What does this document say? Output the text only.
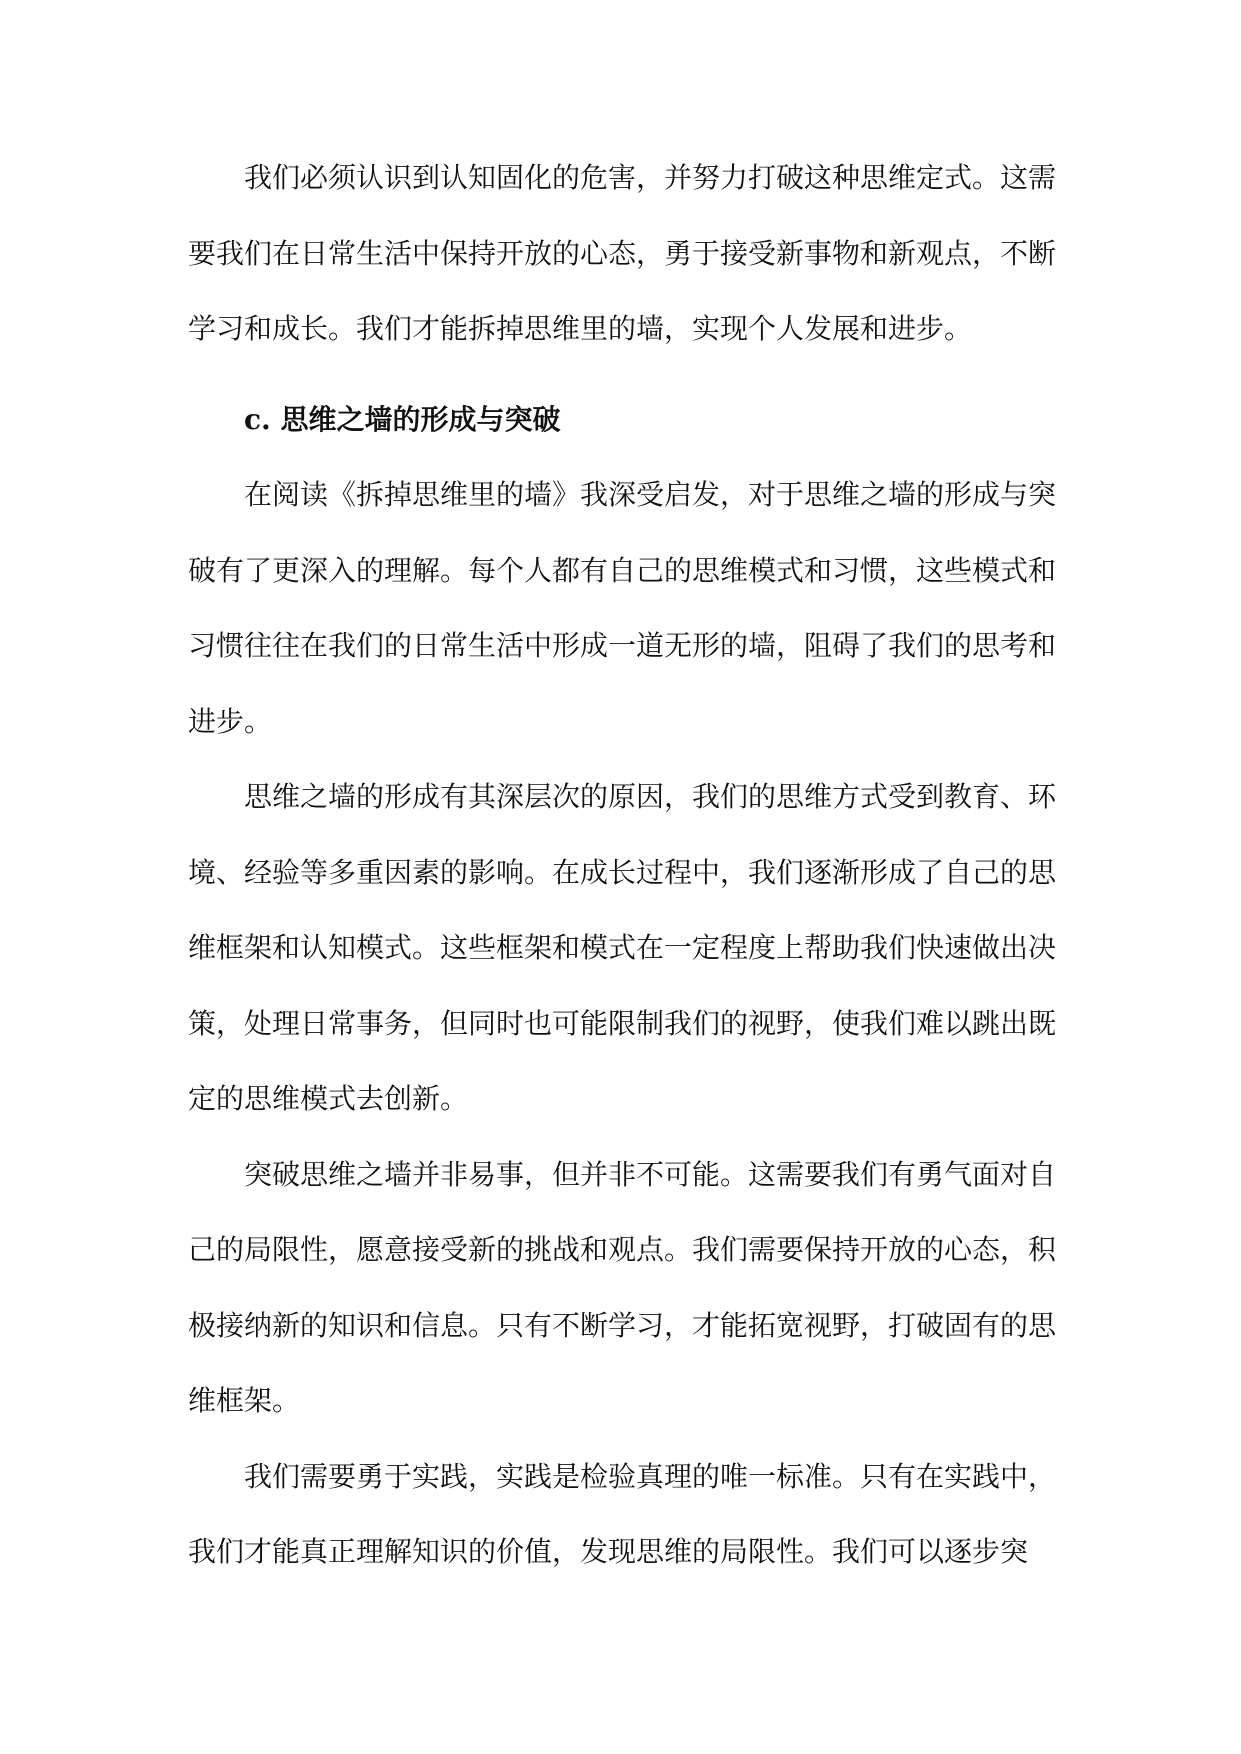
我们必须认识到认知固化的危害，并努力打破这种思维定式。这需要我们在日常生活中保持开放的心态，勇于接受新事物和新观点，不断学习和成长。我们才能拆掉思维里的墙，实现个人发展和进步。

c. 思维之墙的形成与突破

在阅读《拆掉思维里的墙》我深受启发，对于思维之墙的形成与突破有了更深入的理解。每个人都有自己的思维模式和习惯，这些模式和习惯往往在我们的日常生活中形成一道无形的墙，阻碍了我们的思考和进步。

思维之墙的形成有其深层次的原因，我们的思维方式受到教育、环境、经验等多重因素的影响。在成长过程中，我们逐渐形成了自己的思维框架和认知模式。这些框架和模式在一定程度上帮助我们快速做出决策，处理日常事务，但同时也可能限制我们的视野，使我们难以跳出既定的思维模式去创新。

突破思维之墙并非易事，但并非不可能。这需要我们有勇气面对自己的局限性，愿意接受新的挑战和观点。我们需要保持开放的心态，积极接纳新的知识和信息。只有不断学习，才能拓宽视野，打破固有的思维框架。

我们需要勇于实践，实践是检验真理的唯一标准。只有在实践中，我们才能真正理解知识的价值，发现思维的局限性。我们可以逐步突
